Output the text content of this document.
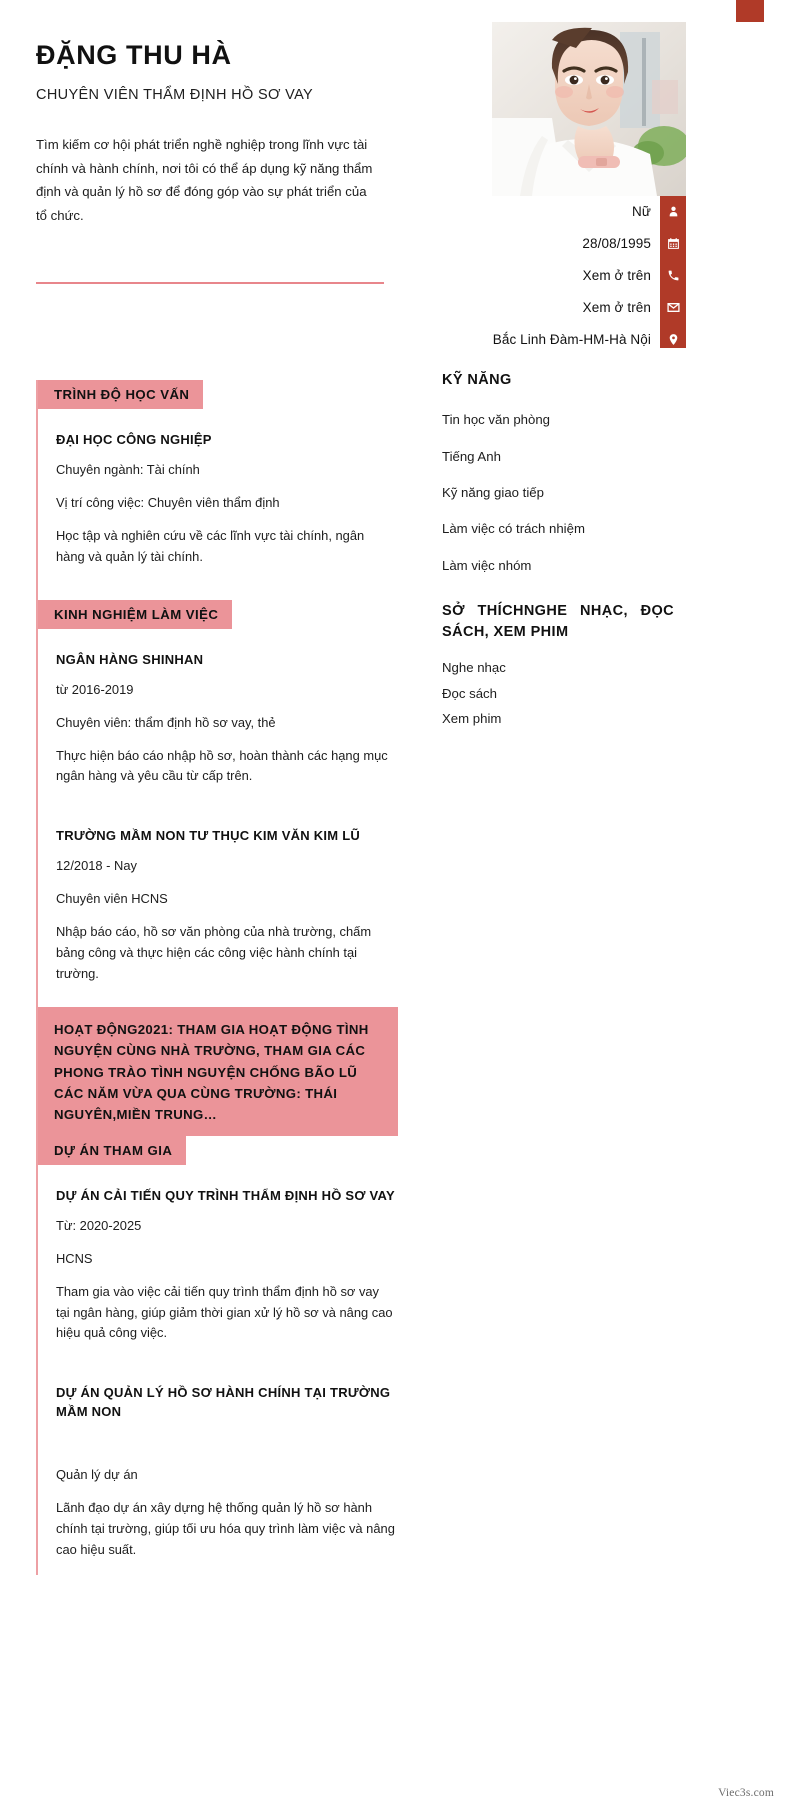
Nữ
28/08/1995
Xem ở trên
Xem ở trên
Bắc Linh Đàm-HM-Hà Nội
ĐẶNG THU HÀ
CHUYÊN VIÊN THẨM ĐỊNH HỒ SƠ VAY

Tìm kiếm cơ hội phát triển nghề nghiệp trong lĩnh vực tài chính và hành chính, nơi tôi có thể áp dụng kỹ năng thẩm định và quản lý hồ sơ để đóng góp vào sự phát triển của tổ chức.

TRÌNH ĐỘ HỌC VẤN
ĐẠI HỌC CÔNG NGHIỆP
Chuyên ngành: Tài chính
Vị trí công việc: Chuyên viên thẩm định
Học tập và nghiên cứu về các lĩnh vực tài chính, ngân hàng và quản lý tài chính.
KINH NGHIỆM LÀM VIỆC
NGÂN HÀNG SHINHAN
từ 2016-2019
Chuyên viên: thẩm định hồ sơ vay, thẻ
Thực hiện báo cáo nhập hồ sơ, hoàn thành các hạng mục ngân hàng và yêu cầu từ cấp trên.
TRƯỜNG MẦM NON TƯ THỤC KIM VĂN KIM LŨ
12/2018 - Nay
Chuyên viên HCNS
Nhập báo cáo, hồ sơ văn phòng của nhà trường, chấm bảng công và thực hiện các công việc hành chính tại trường.
HOẠT ĐỘNG2021: THAM GIA HOẠT ĐỘNG TÌNH NGUYỆN CÙNG NHÀ TRƯỜNG, THAM GIA CÁC PHONG TRÀO TÌNH NGUYỆN CHỐNG BÃO LŨ CÁC NĂM VỪA QUA CÙNG TRƯỜNG: THÁI NGUYÊN,MIỀN TRUNG…
DỰ ÁN THAM GIA
DỰ ÁN CẢI TIẾN QUY TRÌNH THẨM ĐỊNH HỒ SƠ VAY
Từ: 2020-2025
HCNS
Tham gia vào việc cải tiến quy trình thẩm định hồ sơ vay tại ngân hàng, giúp giảm thời gian xử lý hồ sơ và nâng cao hiệu quả công việc.
DỰ ÁN QUẢN LÝ HỒ SƠ HÀNH CHÍNH TẠI TRƯỜNG MẦM NON

Quản lý dự án
Lãnh đạo dự án xây dựng hệ thống quản lý hồ sơ hành chính tại trường, giúp tối ưu hóa quy trình làm việc và nâng cao hiệu suất.
KỸ NĂNG
Tin học văn phòng
Tiếng Anh
Kỹ năng giao tiếp
Làm việc có trách nhiệm
Làm việc nhóm
SỞ THÍCHNGHE NHẠC, ĐỌC SÁCH, XEM PHIM
Nghe nhạc
Đọc sách
Xem phim
Viec3s.com
